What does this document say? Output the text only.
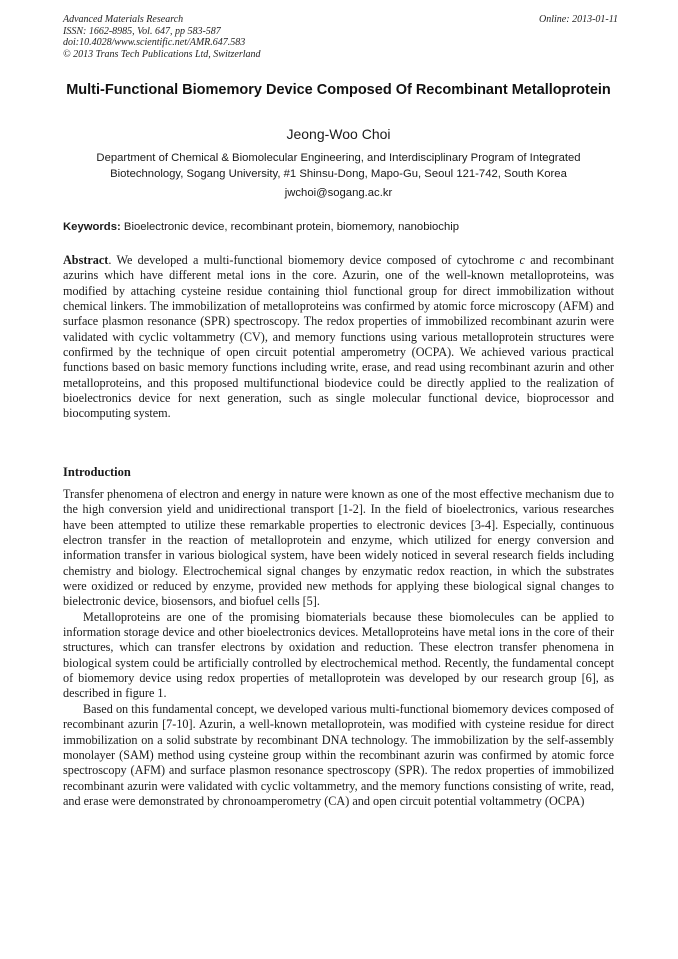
Advanced Materials Research
ISSN: 1662-8985, Vol. 647, pp 583-587
doi:10.4028/www.scientific.net/AMR.647.583
© 2013 Trans Tech Publications Ltd, Switzerland
Online: 2013-01-11
Multi-Functional Biomemory Device Composed Of Recombinant Metalloprotein
Jeong-Woo Choi
Department of Chemical & Biomolecular Engineering, and Interdisciplinary Program of Integrated Biotechnology, Sogang University, #1 Shinsu-Dong, Mapo-Gu, Seoul 121-742, South Korea
jwchoi@sogang.ac.kr
Keywords: Bioelectronic device, recombinant protein, biomemory, nanobiochip

Abstract. We developed a multi-functional biomemory device composed of cytochrome c and recombinant azurins which have different metal ions in the core. Azurin, one of the well-known metalloproteins, was modified by attaching cysteine residue containing thiol functional group for direct immobilization without chemical linkers. The immobilization of metalloproteins was confirmed by atomic force microscopy (AFM) and surface plasmon resonance (SPR) spectroscopy. The redox properties of immobilized recombinant azurin were validated with cyclic voltammetry (CV), and memory functions using various metalloprotein structures were confirmed by the technique of open circuit potential amperometry (OCPA). We achieved various practical functions based on basic memory functions including write, erase, and read using recombinant azurin and other metalloproteins, and this proposed multifunctional biodevice could be directly applied to the realization of bioelectronics device for next generation, such as single molecular functional device, bioprocessor and biocomputing system.

Introduction

Transfer phenomena of electron and energy in nature were known as one of the most effective mechanism due to the high conversion yield and unidirectional transport [1-2]. In the field of bioelectronics, various researches have been attempted to utilize these remarkable properties to electronic devices [3-4]. Especially, continuous electron transfer in the reaction of metalloprotein and enzyme, which utilized for energy conversion and information transfer in various biological system, have been widely noticed in several research fields including chemistry and biology. Electrochemical signal changes by enzymatic redox reaction, in which the substrates were oxidized or reduced by enzyme, provided new methods for applying these biological signal changes to bielectronic device, biosensors, and biofuel cells [5].

Metalloproteins are one of the promising biomaterials because these biomolecules can be applied to information storage device and other bioelectronics devices. Metalloproteins have metal ions in the core of their structures, which can transfer electrons by oxidation and reduction. These electron transfer phenomena in biological system could be artificially controlled by electrochemical method. Recently, the fundamental concept of biomemory device using redox properties of metalloprotein was developed by our research group [6], as described in figure 1.

Based on this fundamental concept, we developed various multi-functional biomemory devices composed of recombinant azurin [7-10]. Azurin, a well-known metalloprotein, was modified with cysteine residue for direct immobilization on a solid substrate by recombinant DNA technology. The immobilization by the self-assembly monolayer (SAM) method using cysteine group within the recombinant azurin was confirmed by atomic force spectroscopy (AFM) and surface plasmon resonance spectroscopy (SPR). The redox properties of immobilized recombinant azurin were validated with cyclic voltammetry, and the memory functions consisting of write, read, and erase were demonstrated by chronoamperometry (CA) and open circuit potential voltammetry (OCPA)
